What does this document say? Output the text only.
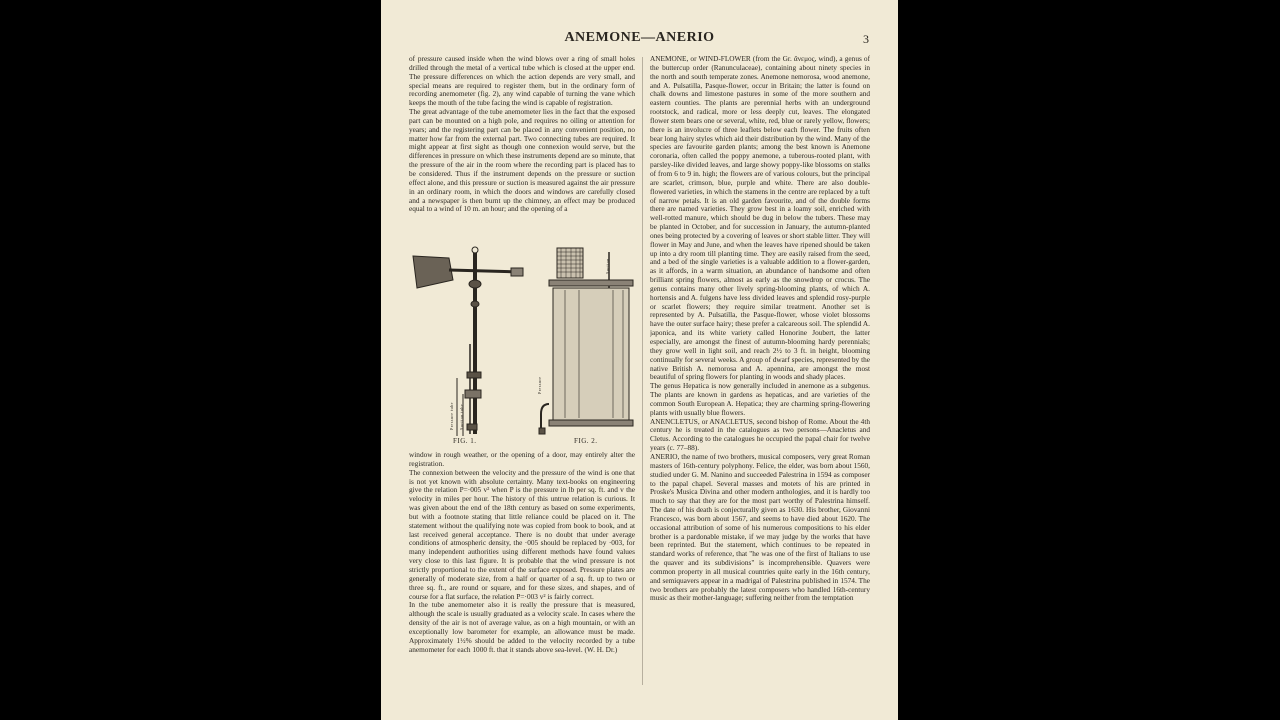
ANEMONE—ANERIO	3
of pressure caused inside when the wind blows over a ring of small holes drilled through the metal of a vertical tube which is closed at the upper end. The pressure differences on which the action depends are very small, and special means are required to register them, but in the ordinary form of recording anemometer (fig. 2), any wind capable of turning the vane which keeps the mouth of the tube facing the wind is capable of registration.
The great advantage of the tube anemometer lies in the fact that the exposed part can be mounted on a high pole, and requires no oiling or attention for years; and the registering part can be placed in any convenient position, no matter how far from the external part. Two connecting tubes are required. It might appear at first sight as though one connexion would serve, but the differences in pressure on which these instruments depend are so minute, that the pressure of the air in the room where the recording part is placed has to be considered. Thus if the instrument depends on the pressure or suction effect alone, and this pressure or suction is measured against the air pressure in an ordinary room, in which the doors and windows are carefully closed and a newspaper is then burnt up the chimney, an effect may be produced equal to a wind of 10 m. an hour; and the opening of a
FIG. 1.	FIG. 2.
Pressure tube Suction tube
Pressure
Suction
window in rough weather, or the opening of a door, may entirely alter the registration.
The connexion between the velocity and the pressure of the wind is one that is not yet known with absolute certainty. Many text-books on engineering give the relation P=·005 v² when P is the pressure in lb per sq. ft. and v the velocity in miles per hour. The history of this untrue relation is curious. It was given about the end of the 18th century as based on some experiments, but with a footnote stating that little reliance could be placed on it. The statement without the qualifying note was copied from book to book, and at last received general acceptance. There is no doubt that under average conditions of atmospheric density, the ·005 should be replaced by ·003, for many independent authorities using different methods have found values very close to this last figure. It is probable that the wind pressure is not strictly proportional to the extent of the surface exposed. Pressure plates are generally of moderate size, from a half or quarter of a sq. ft. up to two or three sq. ft., are round or square, and for these sizes, and shapes, and of course for a flat surface, the relation P=·003 v² is fairly correct.
In the tube anemometer also it is really the pressure that is measured, although the scale is usually graduated as a velocity scale. In cases where the density of the air is not of average value, as on a high mountain, or with an exceptionally low barometer for example, an allowance must be made. Approximately 1½% should be added to the velocity recorded by a tube anemometer for each 1000 ft. that it stands above sea-level. (W. H. Dr.)
ANEMONE, or WIND-FLOWER (from the Gr. ἄνεμος, wind), a genus of the buttercup order (Ranunculaceae), containing about ninety species in the north and south temperate zones. Anemone nemorosa, wood anemone, and A. Pulsatilla, Pasque-flower, occur in Britain; the latter is found on chalk downs and limestone pastures in some of the more southern and eastern counties. The plants are perennial herbs with an underground rootstock, and radical, more or less deeply cut, leaves. The elongated flower stem bears one or several, white, red, blue or rarely yellow, flowers; there is an involucre of three leaflets below each flower. The fruits often bear long hairy styles which aid their distribution by the wind. Many of the species are favourite garden plants; among the best known is Anemone coronaria, often called the poppy anemone, a tuberous-rooted plant, with parsley-like divided leaves, and large showy poppy-like blossoms on stalks of from 6 to 9 in. high; the flowers are of various colours, but the principal are scarlet, crimson, blue, purple and white. There are also double-flowered varieties, in which the stamens in the centre are replaced by a tuft of narrow petals. It is an old garden favourite, and of the double forms there are named varieties. They grow best in a loamy soil, enriched with well-rotted manure, which should be dug in below the tubers. These may be planted in October, and for succession in January, the autumn-planted ones being protected by a covering of leaves or short stable litter. They will flower in May and June, and when the leaves have ripened should be taken up into a dry room till planting time. They are easily raised from the seed, and a bed of the single varieties is a valuable addition to a flower-garden, as it affords, in a warm situation, an abundance of handsome and often brilliant spring flowers, almost as early as the snowdrop or crocus. The genus contains many other lively spring-blooming plants, of which A. hortensis and A. fulgens have less divided leaves and splendid rosy-purple or scarlet flowers; they require similar treatment. Another set is represented by A. Pulsatilla, the Pasque-flower, whose violet blossoms have the outer surface hairy; these prefer a calcareous soil. The splendid A. japonica, and its white variety called Honorine Joubert, the latter especially, are amongst the finest of autumn-blooming hardy perennials; they grow well in light soil, and reach 2½ to 3 ft. in height, blooming continually for several weeks. A group of dwarf species, represented by the native British A. nemorosa and A. apennina, are amongst the most beautiful of spring flowers for planting in woods and shady places.
The genus Hepatica is now generally included in anemone as a subgenus. The plants are known in gardens as hepaticas, and are varieties of the common South European A. Hepatica; they are charming spring-flowering plants with usually blue flowers.
ANENCLETUS, or ANACLETUS, second bishop of Rome. About the 4th century he is treated in the catalogues as two persons—Anacletus and Cletus. According to the catalogues he occupied the papal chair for twelve years (c. 77–88).
ANERIO, the name of two brothers, musical composers, very great Roman masters of 16th-century polyphony. Felice, the elder, was born about 1560, studied under G. M. Nanino and succeeded Palestrina in 1594 as composer to the papal chapel. Several masses and motets of his are printed in Proske's Musica Divina and other modern anthologies, and it is hardly too much to say that they are for the most part worthy of Palestrina himself. The date of his death is conjecturally given as 1630. His brother, Giovanni Francesco, was born about 1567, and seems to have died about 1620. The occasional attribution of some of his numerous compositions to his elder brother is a pardonable mistake, if we may judge by the works that have been reprinted. But the statement, which continues to be repeated in standard works of reference, that "he was one of the first of Italians to use the quaver and its subdivisions" is incomprehensible. Quavers were common property in all musical countries quite early in the 16th century, and semiquavers appear in a madrigal of Palestrina published in 1574. The two brothers are probably the latest composers who handled 16th-century music as their mother-language; suffering neither from the temptation
